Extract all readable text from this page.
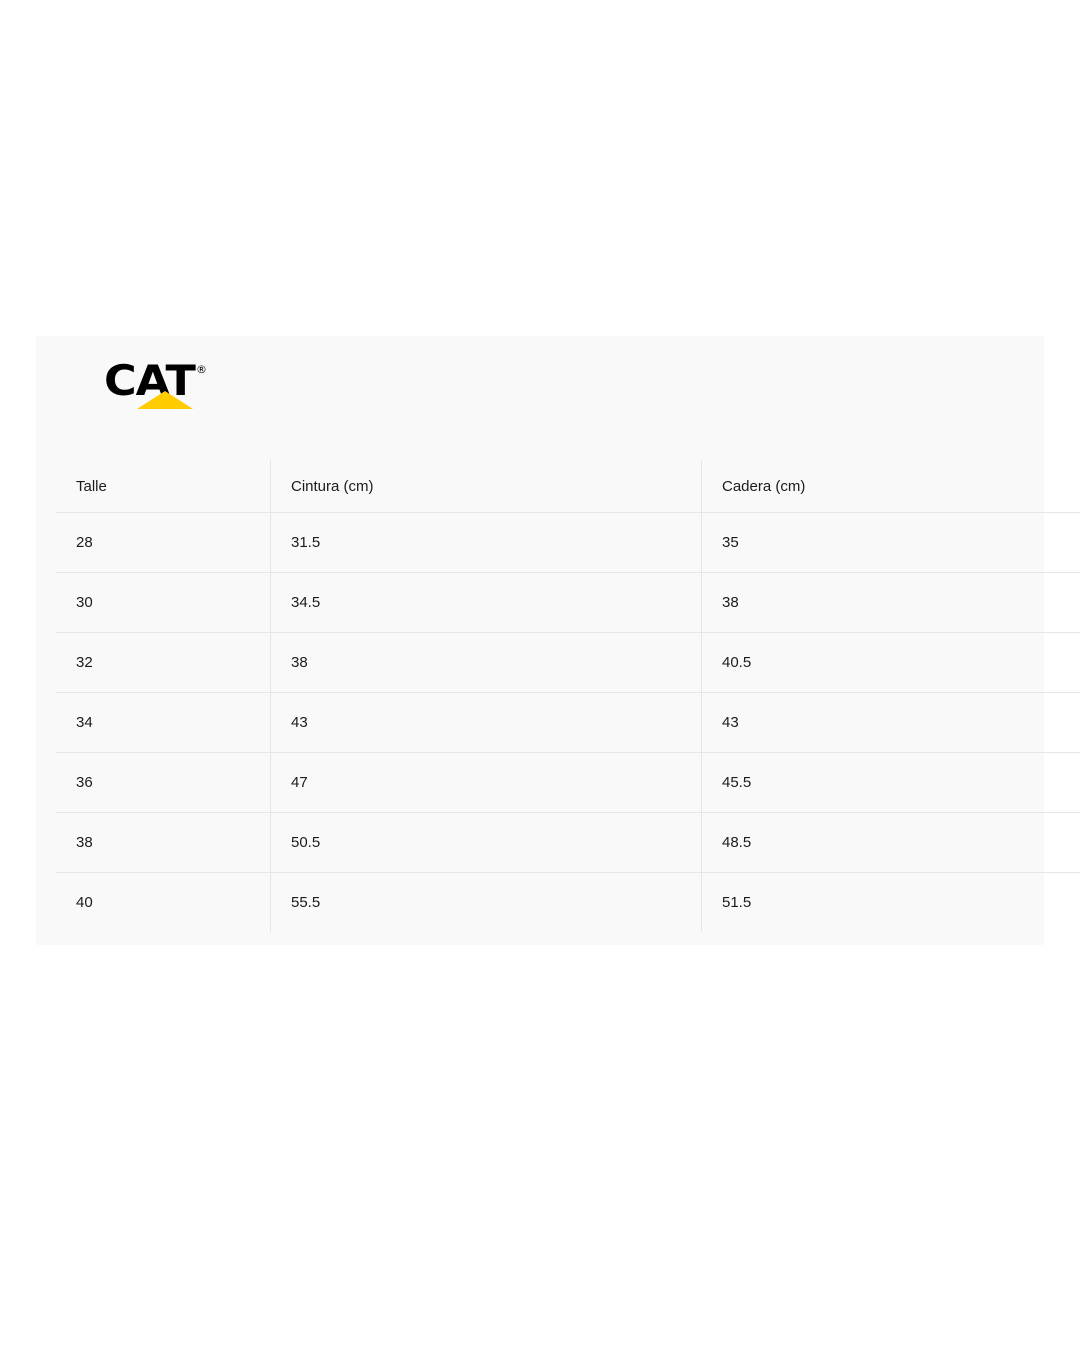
CAT ®
Talle	Cintura (cm)	Cadera (cm)
28	31.5	35
30	34.5	38
32	38	40.5
34	43	43
36	47	45.5
38	50.5	48.5
40	55.5	51.5
